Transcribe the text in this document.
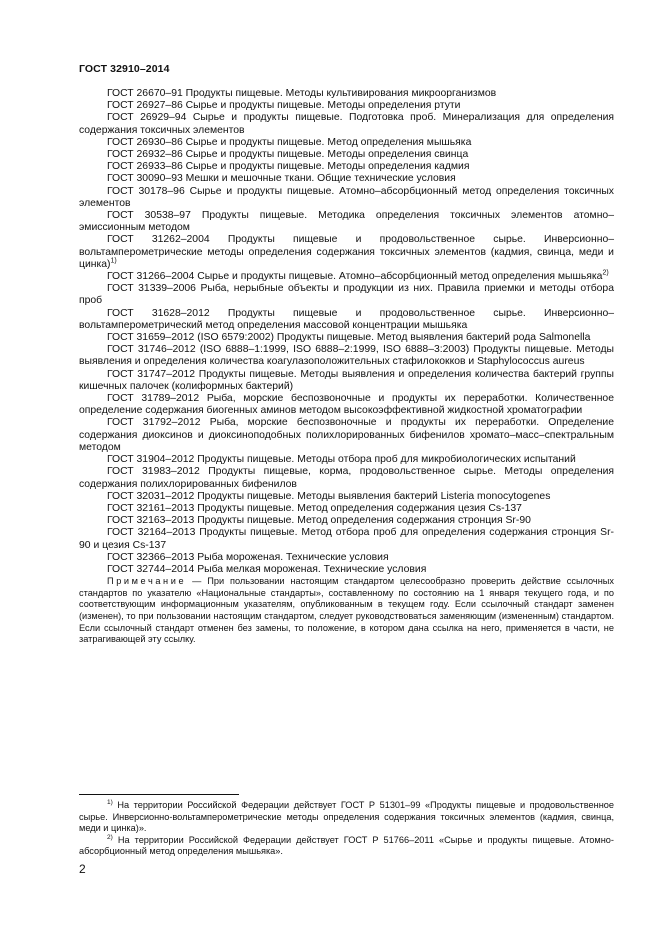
ГОСТ 32910–2014

ГОСТ 26670–91 Продукты пищевые. Методы культивирования микроорганизмов

ГОСТ 26927–86 Сырье и продукты пищевые. Методы определения ртути

ГОСТ 26929–94 Сырье и продукты пищевые. Подготовка проб. Минерализация для определения содержания токсичных элементов

ГОСТ 26930–86 Сырье и продукты пищевые. Метод определения мышьяка

ГОСТ 26932–86 Сырье и продукты пищевые. Методы определения свинца

ГОСТ 26933–86 Сырье и продукты пищевые. Методы определения кадмия

ГОСТ 30090–93 Мешки и мешочные ткани. Общие технические условия

ГОСТ 30178–96 Сырье и продукты пищевые. Атомно–абсорбционный метод определения токсичных элементов

ГОСТ 30538–97 Продукты пищевые. Методика определения токсичных элементов атомно–эмиссионным методом

ГОСТ 31262–2004 Продукты пищевые и продовольственное сырье. Инверсионно–вольтамперометрические методы определения содержания токсичных элементов (кадмия, свинца, меди и цинка)$^{1)}$

ГОСТ 31266–2004 Сырье и продукты пищевые. Атомно–абсорбционный метод определения мышьяка$^{2)}$

ГОСТ 31339–2006 Рыба, нерыбные объекты и продукции из них. Правила приемки и методы отбора проб

ГОСТ 31628–2012 Продукты пищевые и продовольственное сырье. Инверсионно–вольтамперометрический метод определения массовой концентрации мышьяка

ГОСТ 31659–2012 (ISO 6579:2002) Продукты пищевые. Метод выявления бактерий рода Salmonella

ГОСТ 31746–2012 (ISO 6888–1:1999, ISO 6888–2:1999, ISO 6888–3:2003) Продукты пищевые. Методы выявления и определения количества коагулазоположительных стафилококков и Staphylococcus aureus

ГОСТ 31747–2012 Продукты пищевые. Методы выявления и определения количества бактерий группы кишечных палочек (колиформных бактерий)

ГОСТ 31789–2012 Рыба, морские беспозвоночные и продукты их переработки. Количественное определение содержания биогенных аминов методом высокоэффективной жидкостной хроматографии

ГОСТ 31792–2012 Рыба, морские беспозвоночные и продукты их переработки. Определение содержания диоксинов и диоксиноподобных полихлорированных бифенилов хромато–масс–спектральным методом

ГОСТ 31904–2012 Продукты пищевые. Методы отбора проб для микробиологических испытаний

ГОСТ 31983–2012 Продукты пищевые, корма, продовольственное сырье. Методы определения содержания полихлорированных бифенилов

ГОСТ 32031–2012 Продукты пищевые. Методы выявления бактерий Listeria monocytogenes

ГОСТ 32161–2013 Продукты пищевые. Метод определения содержания цезия Cs-137

ГОСТ 32163–2013 Продукты пищевые. Метод определения содержания стронция Sr-90

ГОСТ 32164–2013 Продукты пищевые. Метод отбора проб для определения содержания стронция Sr-90 и цезия Cs-137

ГОСТ 32366–2013 Рыба мороженая. Технические условия

ГОСТ 32744–2014 Рыба мелкая мороженая. Технические условия

Примечание — При пользовании настоящим стандартом целесообразно проверить действие ссылочных стандартов по указателю «Национальные стандарты», составленному по состоянию на 1 января текущего года, и по соответствующим информационным указателям, опубликованным в текущем году. Если ссылочный стандарт заменен (изменен), то при пользовании настоящим стандартом, следует руководствоваться заменяющим (измененным) стандартом. Если ссылочный стандарт отменен без замены, то положение, в котором дана ссылка на него, применяется в части, не затрагивающей эту ссылку.

$^{1)}$ На территории Российской Федерации действует ГОСТ Р 51301–99 «Продукты пищевые и продовольственное сырье. Инверсионно-вольтамперометрические методы определения содержания токсичных элементов (кадмия, свинца, меди и цинка)».

$^{2)}$ На территории Российской Федерации действует ГОСТ Р 51766–2011 «Сырье и продукты пищевые. Атомно-абсорбционный метод определения мышьяка».

2
